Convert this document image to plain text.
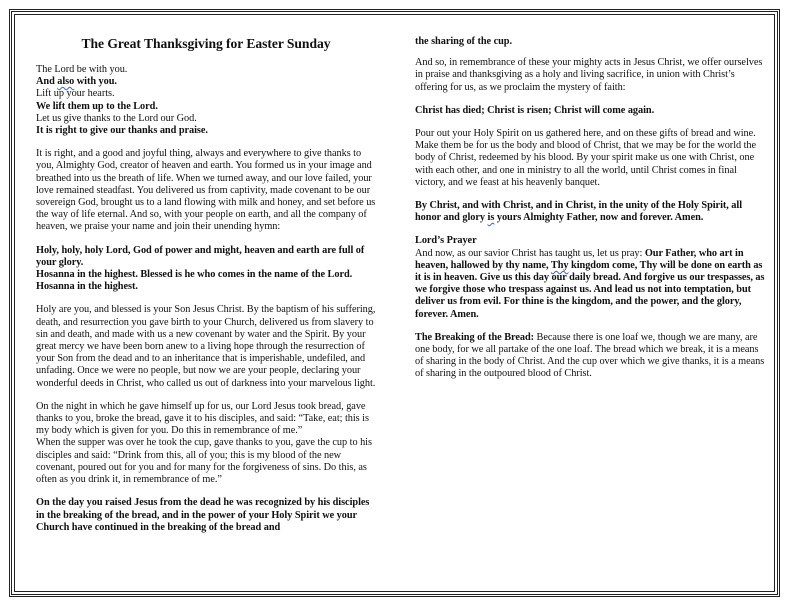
The Great Thanksgiving for Easter Sunday

The Lord be with you.
And also with you.
Lift up your hearts.
We lift them up to the Lord.
Let us give thanks to the Lord our God.
It is right to give our thanks and praise.

It is right, and a good and joyful thing, always and everywhere to give thanks to you, Almighty God, creator of heaven and earth. You formed us in your image and breathed into us the breath of life. When we turned away, and our love failed, your love remained steadfast. You delivered us from captivity, made covenant to be our sovereign God, brought us to a land flowing with milk and honey, and set before us the way of life eternal. And so, with your people on earth, and all the company of heaven, we praise your name and join their unending hymn:

Holy, holy, holy Lord, God of power and might, heaven and earth are full of your glory.
Hosanna in the highest. Blessed is he who comes in the name of the Lord. Hosanna in the highest.

Holy are you, and blessed is your Son Jesus Christ. By the baptism of his suffering, death, and resurrection you gave birth to your Church, delivered us from slavery to sin and death, and made with us a new covenant by water and the Spirit. By your great mercy we have been born anew to a living hope through the resurrection of your Son from the dead and to an inheritance that is imperishable, undefiled, and unfading. Once we were no people, but now we are your people, declaring your wonderful deeds in Christ, who called us out of darkness into your marvelous light.

On the night in which he gave himself up for us, our Lord Jesus took bread, gave thanks to you, broke the bread, gave it to his disciples, and said: “Take, eat; this is my body which is given for you. Do this in remembrance of me.”
When the supper was over he took the cup, gave thanks to you, gave the cup to his disciples and said: “Drink from this, all of you; this is my blood of the new covenant, poured out for you and for many for the forgiveness of sins. Do this, as often as you drink it, in remembrance of me.”

On the day you raised Jesus from the dead he was recognized by his disciples in the breaking of the bread, and in the power of your Holy Spirit we your Church have continued in the breaking of the bread and

the sharing of the cup.

And so, in remembrance of these your mighty acts in Jesus Christ, we offer ourselves in praise and thanksgiving as a holy and living sacrifice, in union with Christ’s offering for us, as we proclaim the mystery of faith:

Christ has died; Christ is risen; Christ will come again.

Pour out your Holy Spirit on us gathered here, and on these gifts of bread and wine. Make them be for us the body and blood of Christ, that we may be for the world the body of Christ, redeemed by his blood. By your spirit make us one with Christ, one with each other, and one in ministry to all the world, until Christ comes in final victory, and we feast at his heavenly banquet.

By Christ, and with Christ, and in Christ, in the unity of the Holy Spirit, all honor and glory is yours Almighty Father, now and forever. Amen.

Lord’s Prayer
And now, as our savior Christ has taught us, let us pray: Our Father, who art in heaven, hallowed by thy name, Thy kingdom come, Thy will be done on earth as it is in heaven. Give us this day our daily bread. And forgive us our trespasses, as we forgive those who trespass against us. And lead us not into temptation, but deliver us from evil. For thine is the kingdom, and the power, and the glory, forever. Amen.

The Breaking of the Bread: Because there is one loaf we, though we are many, are one body, for we all partake of the one loaf. The bread which we break, it is a means of sharing in the body of Christ. And the cup over which we give thanks, it is a means of sharing in the outpoured blood of Christ.
